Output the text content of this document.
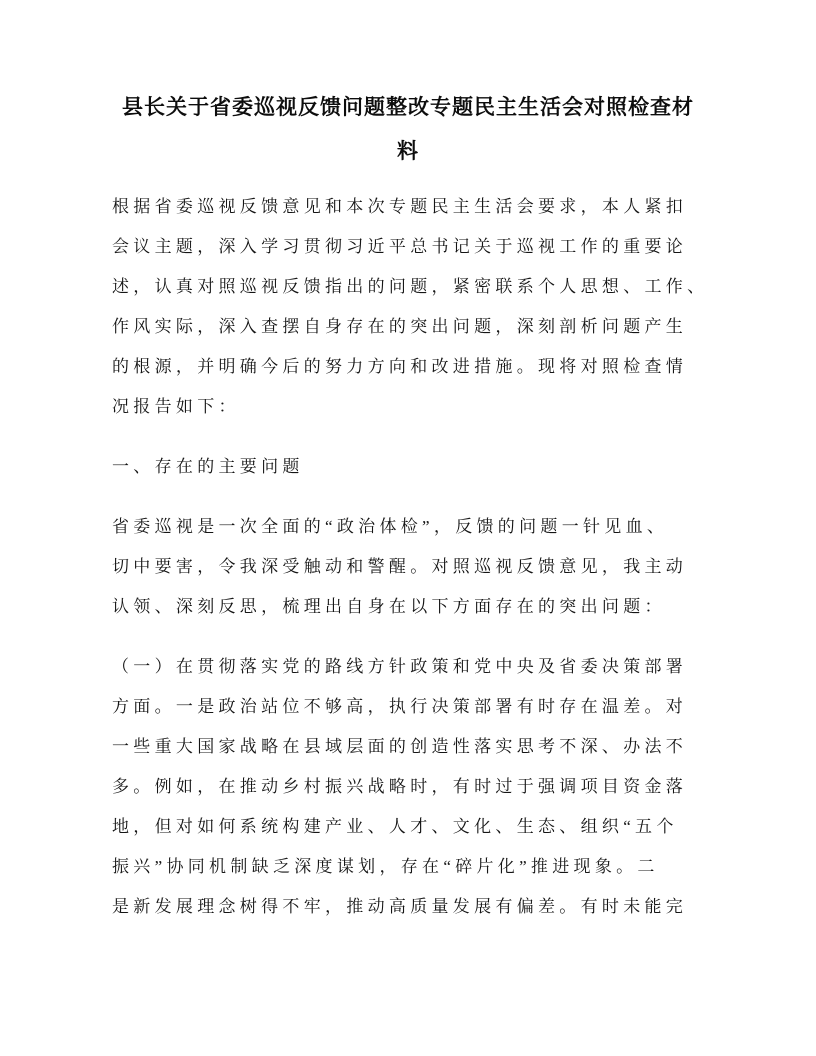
县长关于省委巡视反馈问题整改专题民主生活会对照检查材
料
根据省委巡视反馈意见和本次专题民主生活会要求，本人紧扣
会议主题，深入学习贯彻习近平总书记关于巡视工作的重要论
述，认真对照巡视反馈指出的问题，紧密联系个人思想、工作、
作风实际，深入查摆自身存在的突出问题，深刻剖析问题产生
的根源，并明确今后的努力方向和改进措施。现将对照检查情
况报告如下：
一、存在的主要问题
省委巡视是一次全面的“政治体检”，反馈的问题一针见血、
切中要害，令我深受触动和警醒。对照巡视反馈意见，我主动
认领、深刻反思，梳理出自身在以下方面存在的突出问题：
（一）在贯彻落实党的路线方针政策和党中央及省委决策部署
方面。一是政治站位不够高，执行决策部署有时存在温差。对
一些重大国家战略在县域层面的创造性落实思考不深、办法不
多。例如，在推动乡村振兴战略时，有时过于强调项目资金落
地，但对如何系统构建产业、人才、文化、生态、组织“五个
振兴”协同机制缺乏深度谋划，存在“碎片化”推进现象。二
是新发展理念树得不牢，推动高质量发展有偏差。有时未能完
